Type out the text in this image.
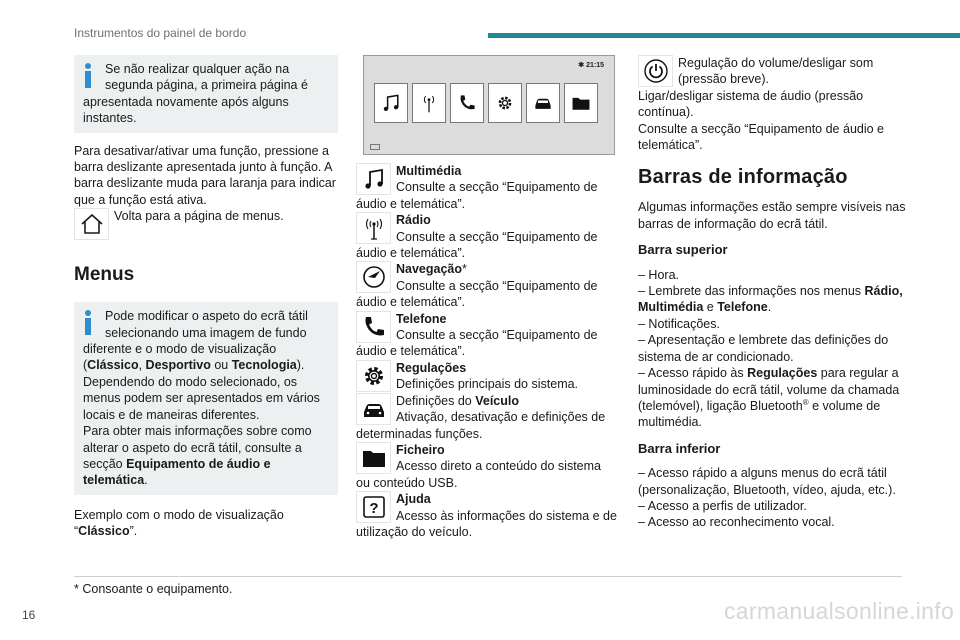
Instrumentos do painel de bordo

Se não realizar qualquer ação na segunda página, a primeira página é apresentada novamente após alguns instantes.

Para desativar/ativar uma função, pressione a barra deslizante apresentada junto à função. A barra deslizante muda para laranja para indicar que a função está ativa.

Volta para a página de menus.

Menus

Pode modificar o aspeto do ecrã tátil selecionando uma imagem de fundo diferente e o modo de visualização (Clássico, Desportivo ou Tecnologia). Dependendo do modo selecionado, os menus podem ser apresentados em vários locais e de maneiras diferentes.

Para obter mais informações sobre como alterar o aspeto do ecrã tátil, consulte a secção Equipamento de áudio e telemática.

Exemplo com o modo de visualização “Clássico”.

✱ 21:15

Multimédia
Consulte a secção “Equipamento de áudio e telemática”.

Rádio
Consulte a secção “Equipamento de áudio e telemática”.

Navegação*
Consulte a secção “Equipamento de áudio e telemática”.

Telefone
Consulte a secção “Equipamento de áudio e telemática”.

Regulações
Definições principais do sistema.

Definições do Veículo
Ativação, desativação e definições de determinadas funções.

Ficheiro
Acesso direto a conteúdo do sistema ou conteúdo USB.

?

Ajuda
Acesso às informações do sistema e de utilização do veículo.

Regulação do volume/desligar som (pressão breve).

Ligar/desligar sistema de áudio (pressão contínua).

Consulte a secção “Equipamento de áudio e telemática”.

Barras de informação

Algumas informações estão sempre visíveis nas barras de informação do ecrã tátil.

Barra superior

– Hora.

– Lembrete das informações nos menus Rádio, Multimédia e Telefone.

– Notificações.

– Apresentação e lembrete das definições do sistema de ar condicionado.

– Acesso rápido às Regulações para regular a luminosidade do ecrã tátil, volume da chamada (telemóvel), ligação Bluetooth® e volume de multimédia.

Barra inferior

– Acesso rápido a alguns menus do ecrã tátil (personalização, Bluetooth, vídeo, ajuda, etc.).

– Acesso a perfis de utilizador.

– Acesso ao reconhecimento vocal.

* Consoante o equipamento.
16	carmanualsonline.info
